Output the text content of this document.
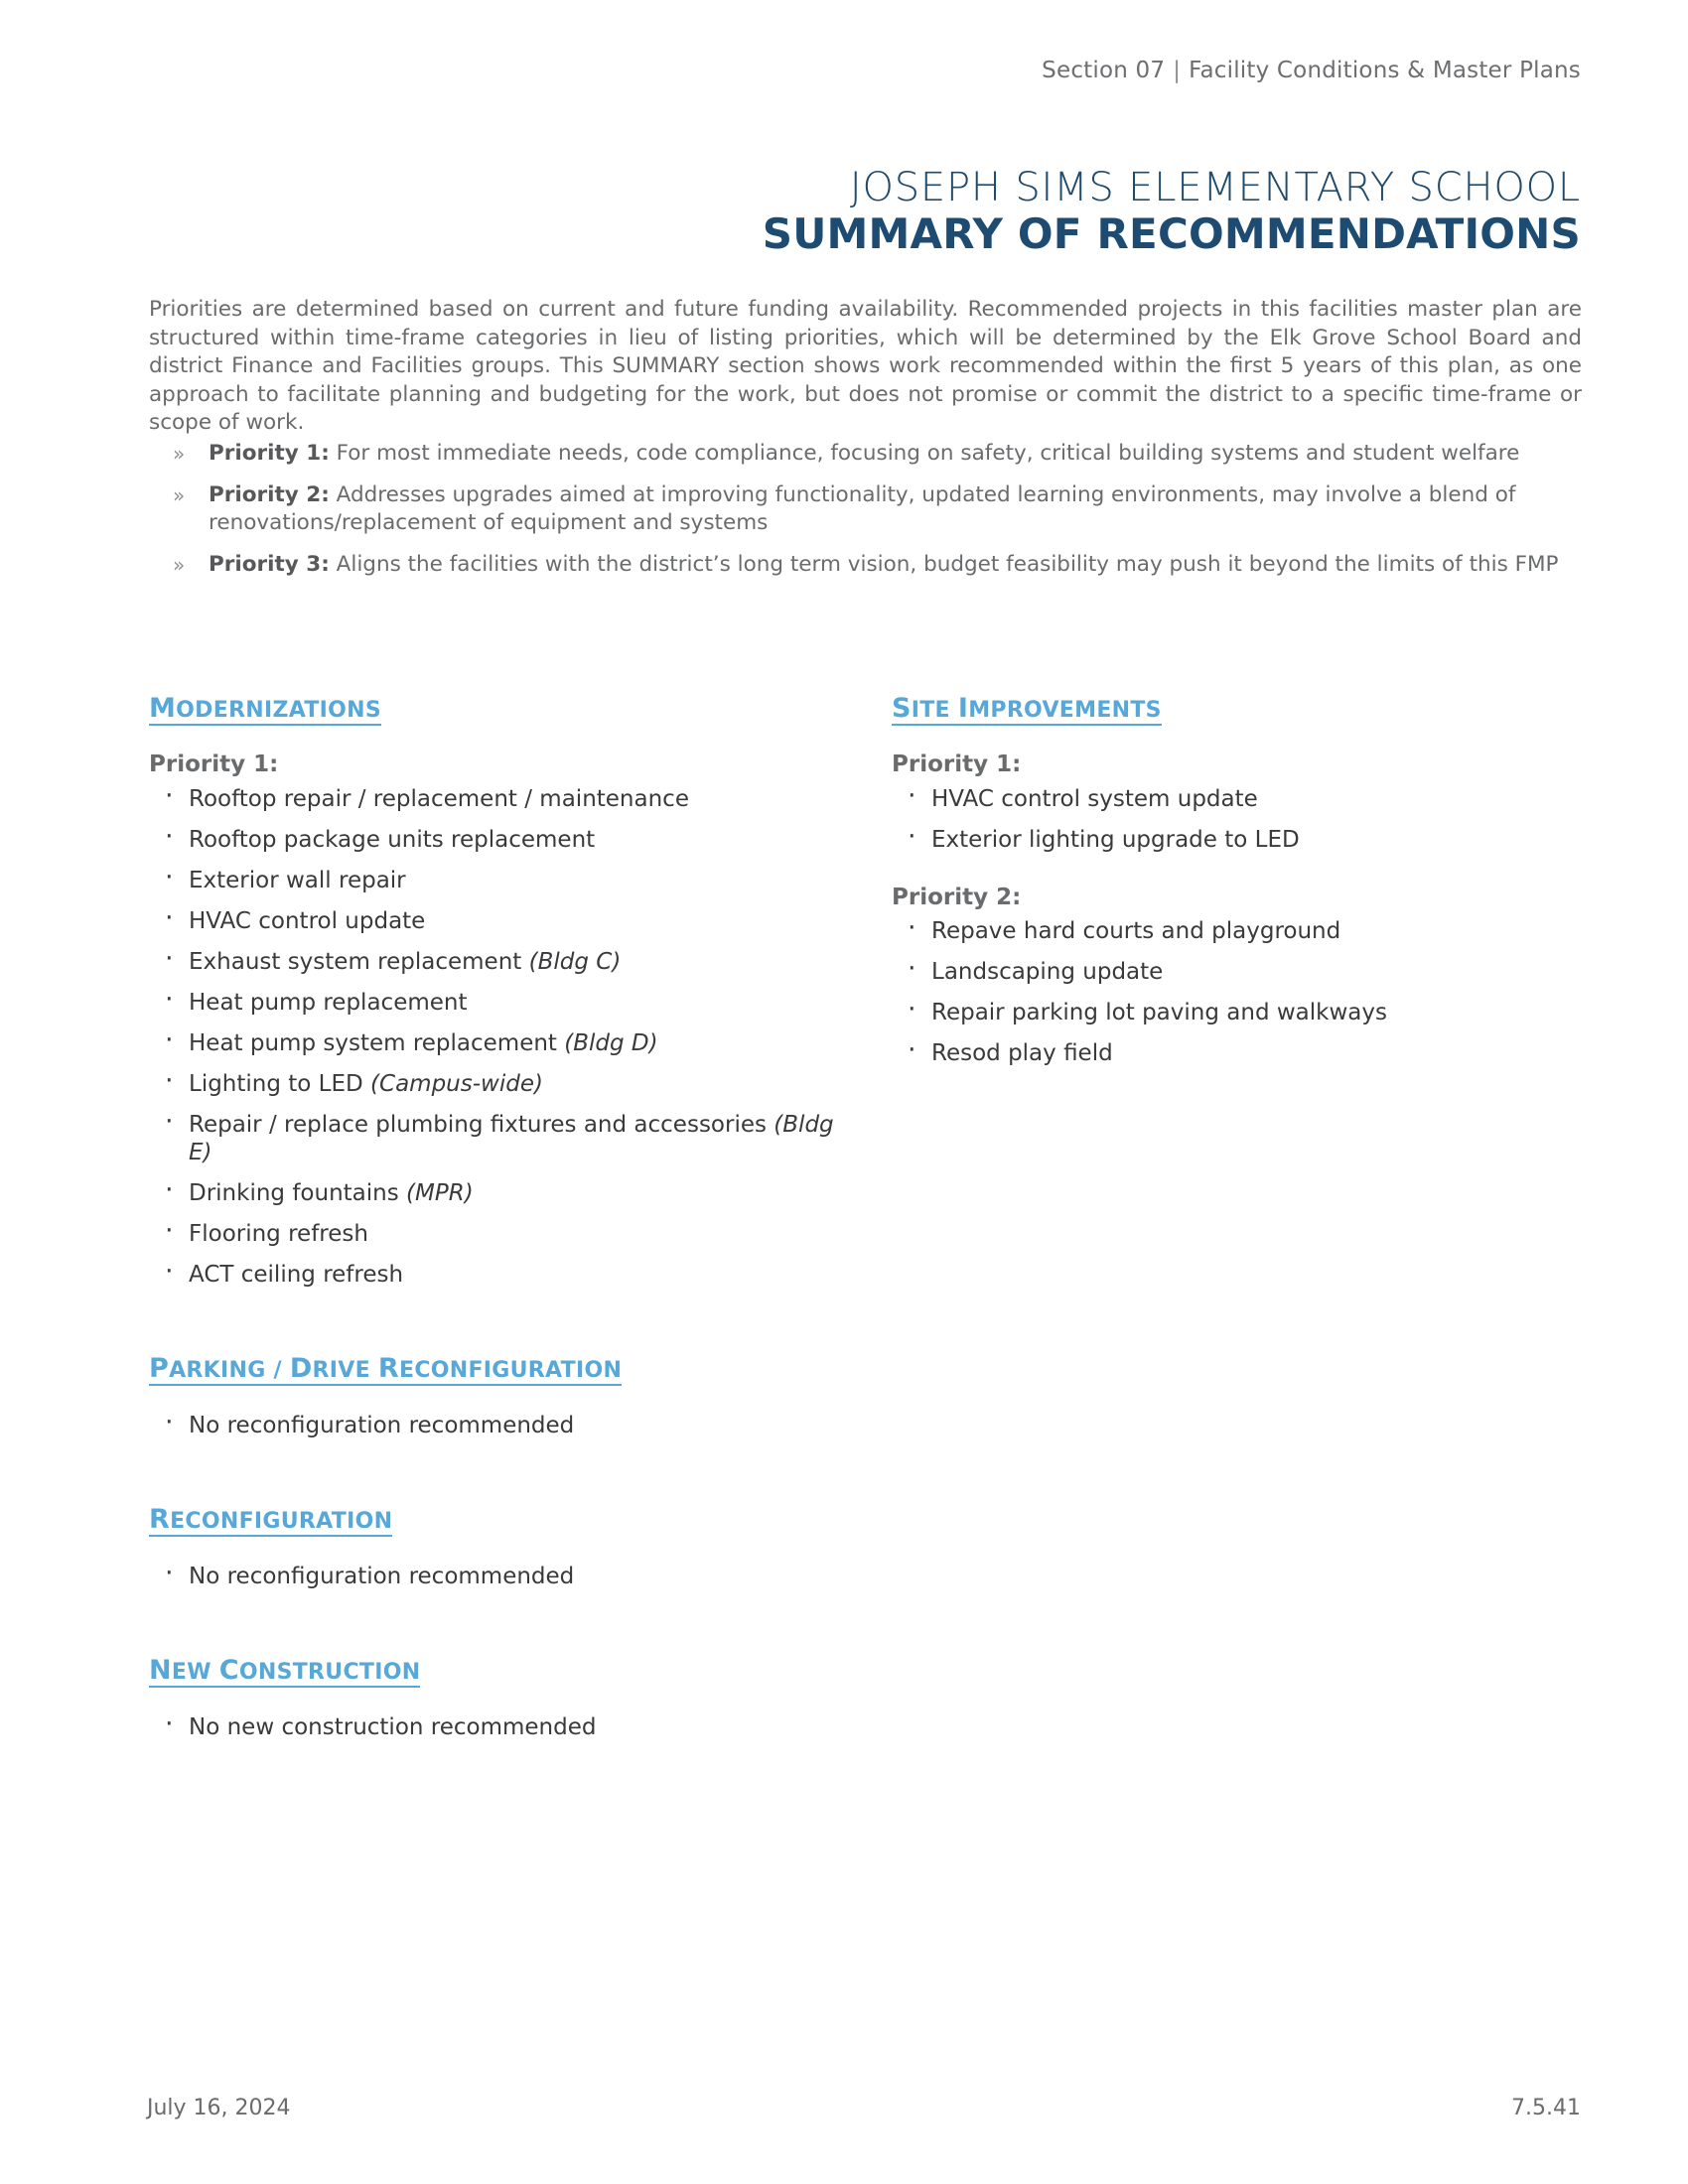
Section 07 | Facility Conditions & Master Plans
JOSEPH SIMS ELEMENTARY SCHOOL
SUMMARY OF RECOMMENDATIONS
Priorities are determined based on current and future funding availability. Recommended projects in this facilities master plan are structured within time-frame categories in lieu of listing priorities, which will be determined by the Elk Grove School Board and district Finance and Facilities groups. This SUMMARY section shows work recommended within the first 5 years of this plan, as one approach to facilitate planning and budgeting for the work, but does not promise or commit the district to a specific time-frame or scope of work.
» Priority 1: For most immediate needs, code compliance, focusing on safety, critical building systems and student welfare
» Priority 2: Addresses upgrades aimed at improving functionality, updated learning environments, may involve a blend of renovations/replacement of equipment and systems
» Priority 3: Aligns the facilities with the district’s long term vision, budget feasibility may push it beyond the limits of this FMP
MODERNIZATIONS
Priority 1:
· Rooftop repair / replacement / maintenance
· Rooftop package units replacement
· Exterior wall repair
· HVAC control update
· Exhaust system replacement (Bldg C)
· Heat pump replacement
· Heat pump system replacement (Bldg D)
· Lighting to LED (Campus-wide)
· Repair / replace plumbing fixtures and accessories (Bldg E)
· Drinking fountains (MPR)
· Flooring refresh
· ACT ceiling refresh
PARKING / DRIVE RECONFIGURATION
· No reconfiguration recommended
RECONFIGURATION
· No reconfiguration recommended
NEW CONSTRUCTION
· No new construction recommended
SITE IMPROVEMENTS
Priority 1:
· HVAC control system update
· Exterior lighting upgrade to LED
Priority 2:
· Repave hard courts and playground
· Landscaping update
· Repair parking lot paving and walkways
· Resod play field
July 16, 2024	7.5.41
